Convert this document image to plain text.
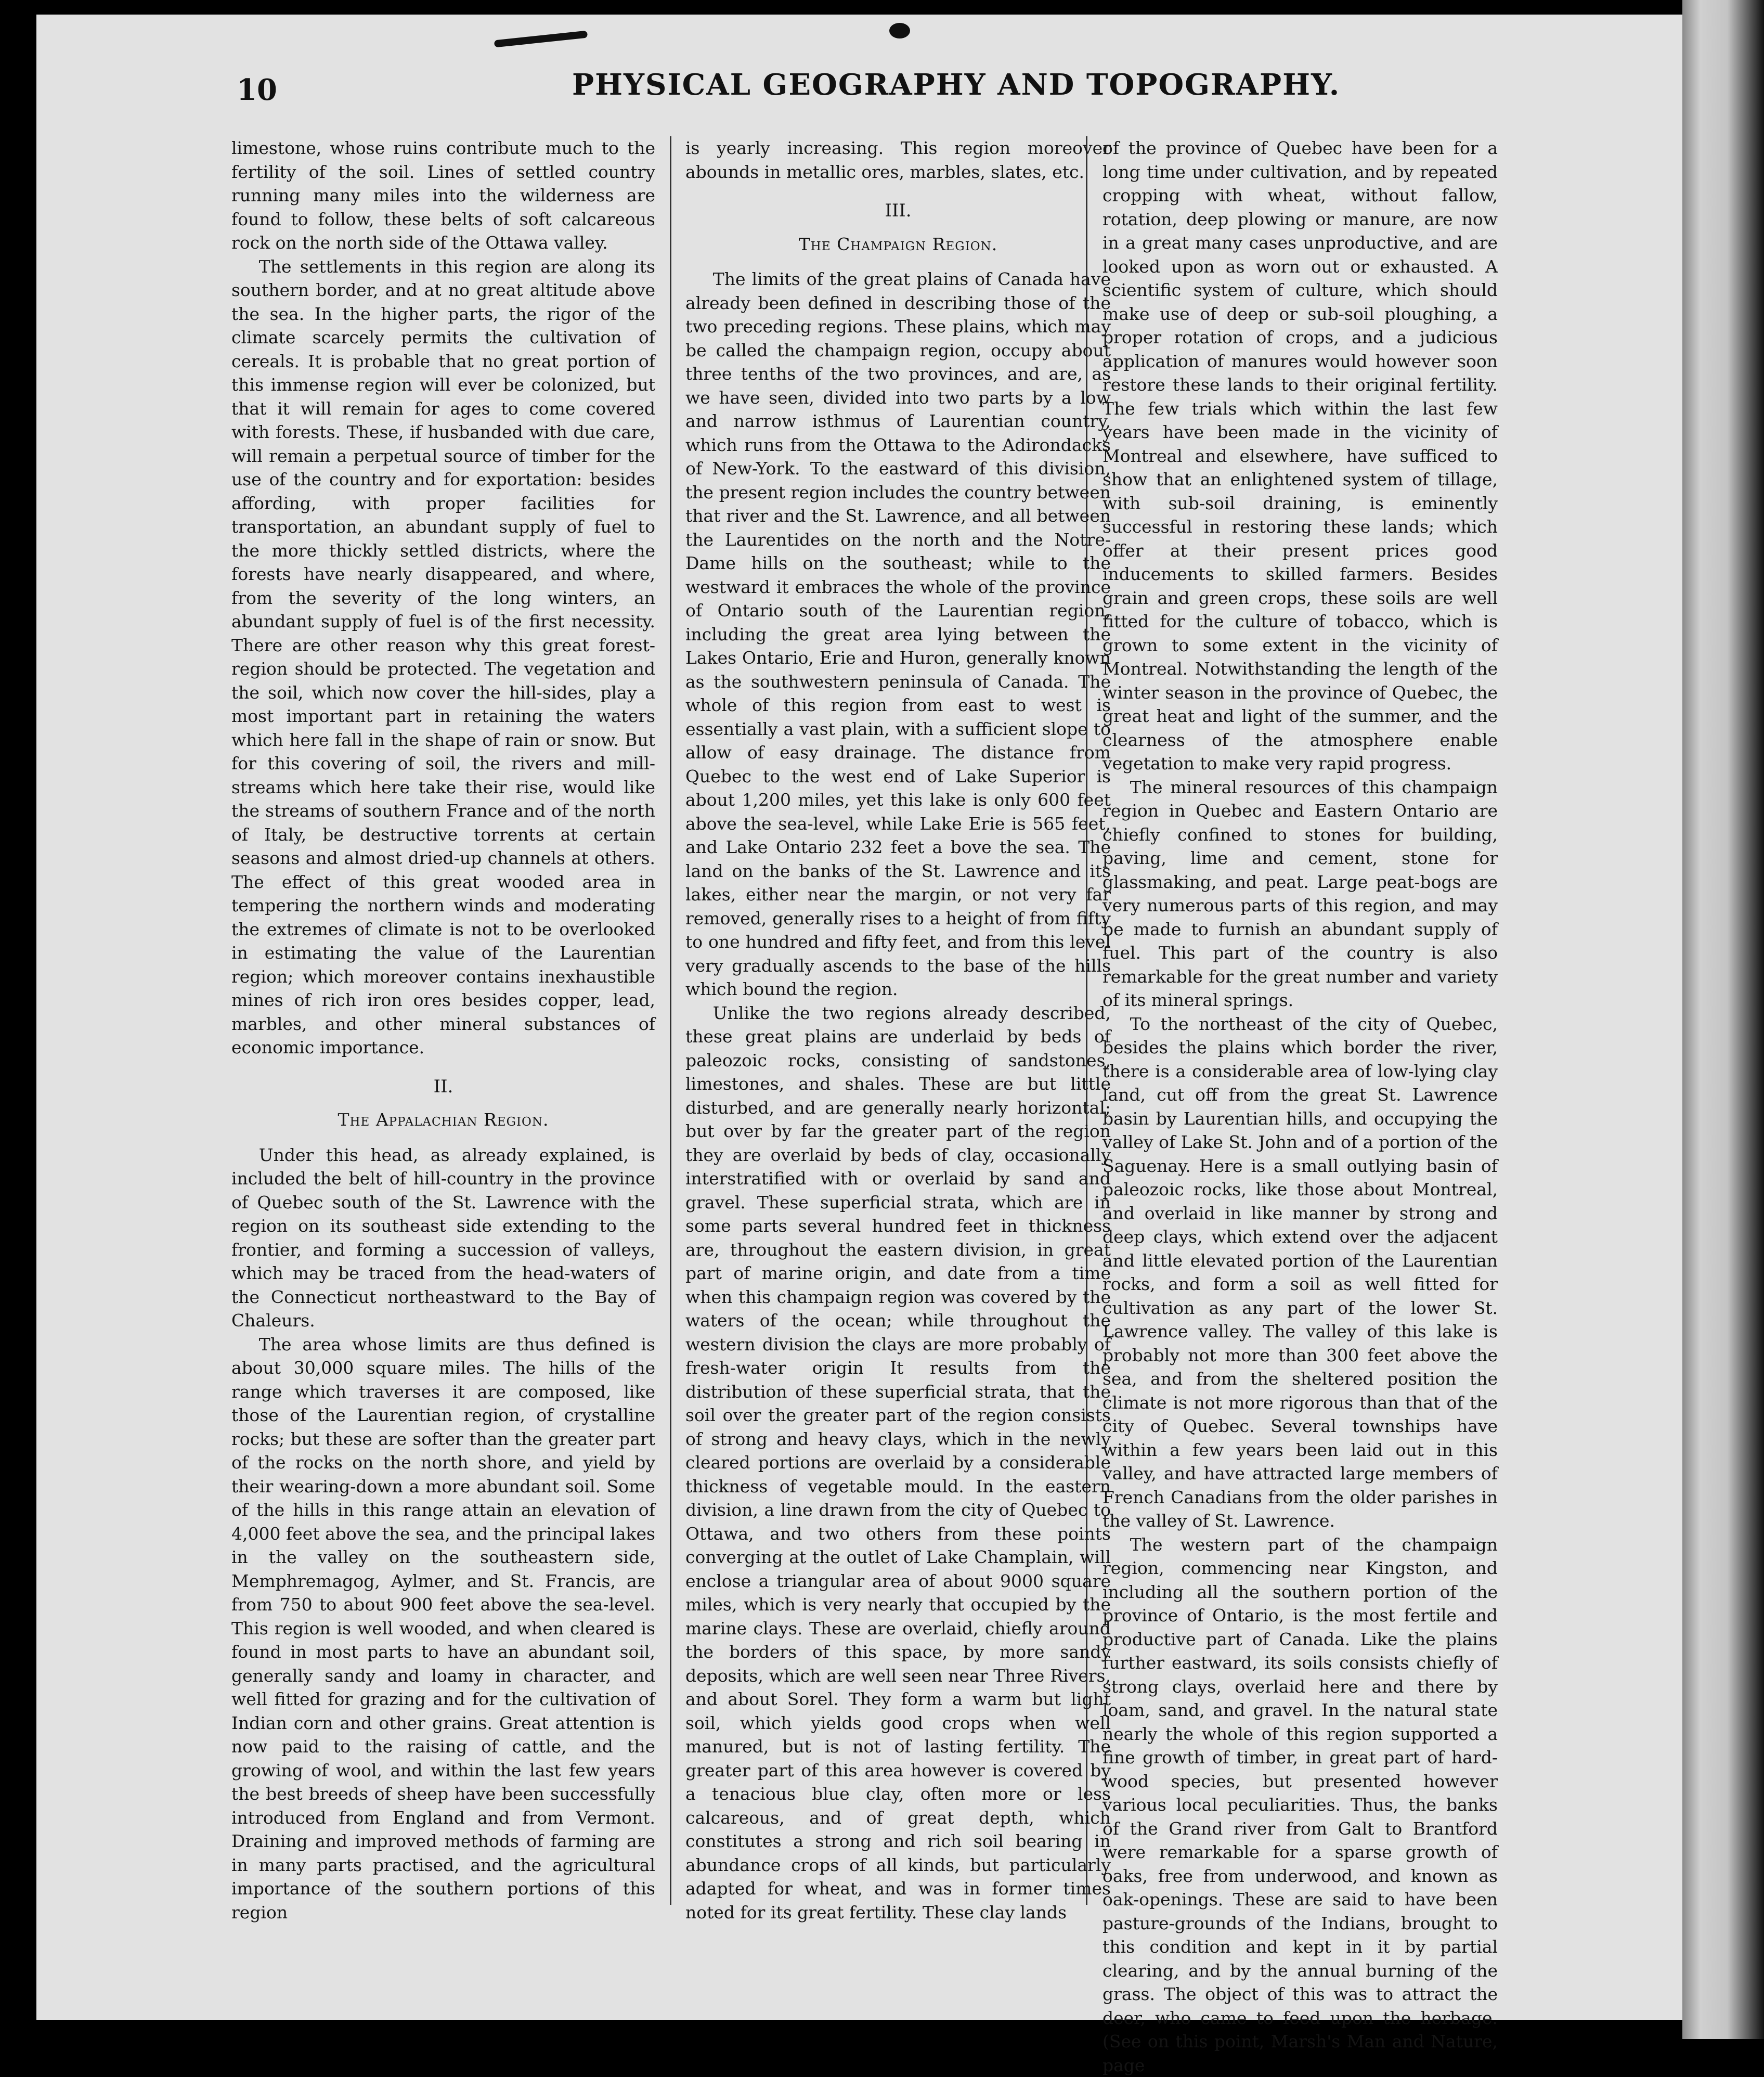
10	PHYSICAL GEOGRAPHY AND TOPOGRAPHY.

limestone, whose ruins contribute much to the fertility of the soil. Lines of settled country running many miles into the wilderness are found to follow, these belts of soft calcareous rock on the north side of the Ottawa valley.

The settlements in this region are along its southern border, and at no great altitude above the sea. In the higher parts, the rigor of the climate scarcely permits the cultivation of cereals. It is probable that no great portion of this immense region will ever be colonized, but that it will remain for ages to come covered with forests. These, if husbanded with due care, will remain a perpetual source of timber for the use of the country and for exportation: besides affording, with proper facilities for transportation, an abundant supply of fuel to the more thickly settled districts, where the forests have nearly disappeared, and where, from the severity of the long winters, an abundant supply of fuel is of the first necessity. There are other reason why this great forest-region should be protected. The vegetation and the soil, which now cover the hill-sides, play a most important part in retaining the waters which here fall in the shape of rain or snow. But for this covering of soil, the rivers and mill-streams which here take their rise, would like the streams of southern France and of the north of Italy, be destructive torrents at certain seasons and almost dried-up channels at others. The effect of this great wooded area in tempering the northern winds and moderating the extremes of climate is not to be overlooked in estimating the value of the Laurentian region; which moreover contains inexhaustible mines of rich iron ores besides copper, lead, marbles, and other mineral substances of economic importance.

II.
The Appalachian Region.

Under this head, as already explained, is included the belt of hill-country in the province of Quebec south of the St. Lawrence with the region on its southeast side extending to the frontier, and forming a succession of valleys, which may be traced from the head-waters of the Connecticut northeastward to the Bay of Chaleurs.

The area whose limits are thus defined is about 30,000 square miles. The hills of the range which traverses it are composed, like those of the Laurentian region, of crystalline rocks; but these are softer than the greater part of the rocks on the north shore, and yield by their wearing-down a more abundant soil. Some of the hills in this range attain an elevation of 4,000 feet above the sea, and the principal lakes in the valley on the southeastern side, Memphremagog, Aylmer, and St. Francis, are from 750 to about 900 feet above the sea-level. This region is well wooded, and when cleared is found in most parts to have an abundant soil, generally sandy and loamy in character, and well fitted for grazing and for the cultivation of Indian corn and other grains. Great attention is now paid to the raising of cattle, and the growing of wool, and within the last few years the best breeds of sheep have been successfully introduced from England and from Vermont. Draining and improved methods of farming are in many parts practised, and the agricultural importance of the southern portions of this region

is yearly increasing. This region moreover abounds in metallic ores, marbles, slates, etc.

III.
The Champaign Region.

The limits of the great plains of Canada have already been defined in describing those of the two preceding regions. These plains, which may be called the champaign region, occupy about three tenths of the two provinces, and are, as we have seen, divided into two parts by a low and narrow isthmus of Laurentian country, which runs from the Ottawa to the Adirondacks of New-York. To the eastward of this division, the present region includes the country between that river and the St. Lawrence, and all between the Laurentides on the north and the Notre-Dame hills on the southeast; while to the westward it embraces the whole of the province of Ontario south of the Laurentian region, including the great area lying between the Lakes Ontario, Erie and Huron, generally known as the southwestern peninsula of Canada. The whole of this region from east to west is essentially a vast plain, with a sufficient slope to allow of easy drainage. The distance from Quebec to the west end of Lake Superior is about 1,200 miles, yet this lake is only 600 feet above the sea-level, while Lake Erie is 565 feet, and Lake Ontario 232 feet a bove the sea. The land on the banks of the St. Lawrence and its lakes, either near the margin, or not very far removed, generally rises to a height of from fifty to one hundred and fifty feet, and from this level very gradually ascends to the base of the hills which bound the region.

Unlike the two regions already described, these great plains are underlaid by beds of paleozoic rocks, consisting of sandstones, limestones, and shales. These are but little disturbed, and are generally nearly horizontal; but over by far the greater part of the region they are overlaid by beds of clay, occasionally interstratified with or overlaid by sand and gravel. These superficial strata, which are in some parts several hundred feet in thickness are, throughout the eastern division, in great part of marine origin, and date from a time when this champaign region was covered by the waters of the ocean; while throughout the western division the clays are more probably of fresh-water origin It results from the distribution of these superficial strata, that the soil over the greater part of the region consists of strong and heavy clays, which in the newly cleared portions are overlaid by a considerable thickness of vegetable mould. In the eastern division, a line drawn from the city of Quebec to Ottawa, and two others from these points converging at the outlet of Lake Champlain, will enclose a triangular area of about 9000 square miles, which is very nearly that occupied by the marine clays. These are overlaid, chiefly around the borders of this space, by more sandy deposits, which are well seen near Three Rivers, and about Sorel. They form a warm but light soil, which yields good crops when well manured, but is not of lasting fertility. The greater part of this area however is covered by a tenacious blue clay, often more or less calcareous, and of great depth, which constitutes a strong and rich soil bearing in abundance crops of all kinds, but particularly adapted for wheat, and was in former times noted for its great fertility. These clay lands

of the province of Quebec have been for a long time under cultivation, and by repeated cropping with wheat, without fallow, rotation, deep plowing or manure, are now in a great many cases unproductive, and are looked upon as worn out or exhausted. A scientific system of culture, which should make use of deep or sub-soil ploughing, a proper rotation of crops, and a judicious application of manures would however soon restore these lands to their original fertility. The few trials which within the last few years have been made in the vicinity of Montreal and elsewhere, have sufficed to show that an enlightened system of tillage, with sub-soil draining, is eminently successful in restoring these lands; which offer at their present prices good inducements to skilled farmers. Besides grain and green crops, these soils are well fitted for the culture of tobacco, which is grown to some extent in the vicinity of Montreal. Notwithstanding the length of the winter season in the province of Quebec, the great heat and light of the summer, and the clearness of the atmosphere enable vegetation to make very rapid progress.

The mineral resources of this champaign region in Quebec and Eastern Ontario are chiefly confined to stones for building, paving, lime and cement, stone for glassmaking, and peat. Large peat-bogs are very numerous parts of this region, and may be made to furnish an abundant supply of fuel. This part of the country is also remarkable for the great number and variety of its mineral springs.

To the northeast of the city of Quebec, besides the plains which border the river, there is a considerable area of low-lying clay land, cut off from the great St. Lawrence basin by Laurentian hills, and occupying the valley of Lake St. John and of a portion of the Saguenay. Here is a small outlying basin of paleozoic rocks, like those about Montreal, and overlaid in like manner by strong and deep clays, which extend over the adjacent and little elevated portion of the Laurentian rocks, and form a soil as well fitted for cultivation as any part of the lower St. Lawrence valley. The valley of this lake is probably not more than 300 feet above the sea, and from the sheltered position the climate is not more rigorous than that of the city of Quebec. Several townships have within a few years been laid out in this valley, and have attracted large members of French Canadians from the older parishes in the valley of St. Lawrence.

The western part of the champaign region, commencing near Kingston, and including all the southern portion of the province of Ontario, is the most fertile and productive part of Canada. Like the plains further eastward, its soils consists chiefly of strong clays, overlaid here and there by loam, sand, and gravel. In the natural state nearly the whole of this region supported a fine growth of timber, in great part of hard-wood species, but presented however various local peculiarities. Thus, the banks of the Grand river from Galt to Brantford were remarkable for a sparse growth of oaks, free from underwood, and known as oak-openings. These are said to have been pasture-grounds of the Indians, brought to this condition and kept in it by partial clearing, and by the annual burning of the grass. The object of this was to attract the deer, who came to feed upon the herbage. (See on this point, Marsh's Man and Nature, page
